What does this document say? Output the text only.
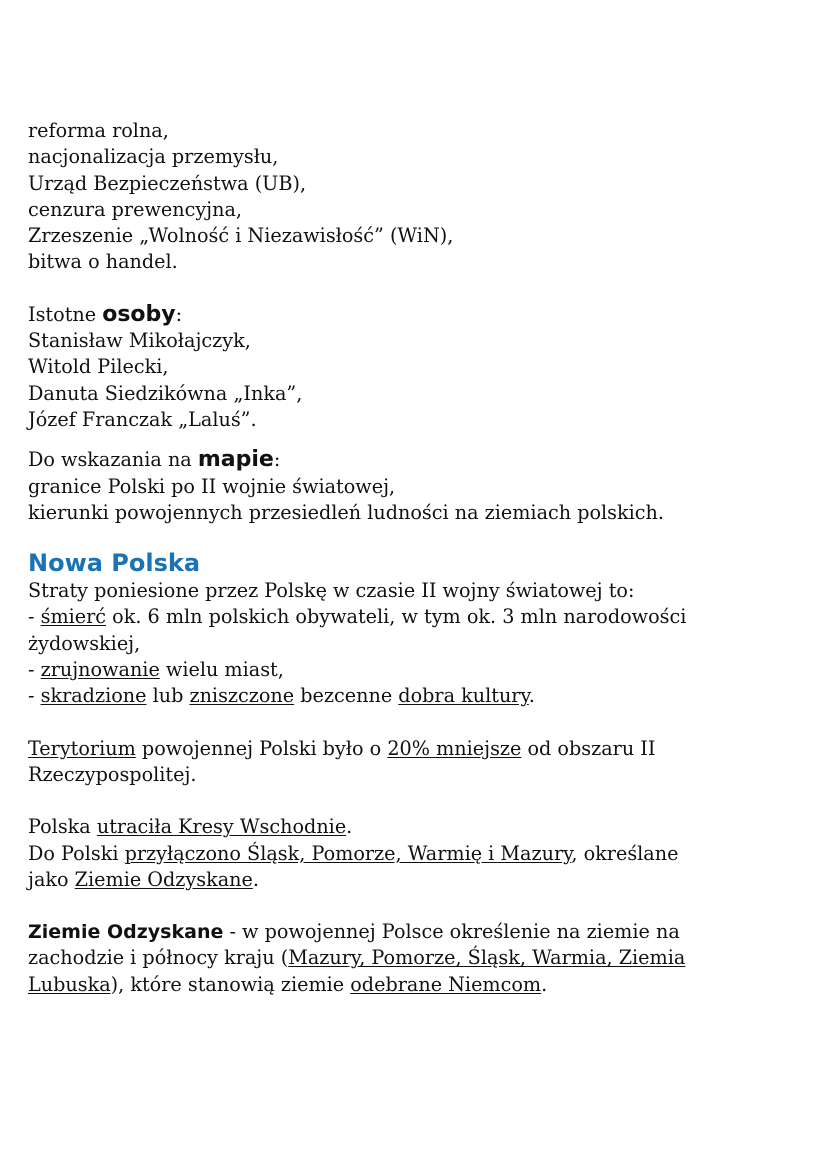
reforma rolna,
nacjonalizacja przemysłu,
Urząd Bezpieczeństwa (UB),
cenzura prewencyjna,
Zrzeszenie „Wolność i Niezawisłość” (WiN),
bitwa o handel.
Istotne osoby:
Stanisław Mikołajczyk,
Witold Pilecki,
Danuta Siedzikówna „Inka”,
Józef Franczak „Laluś”.
Do wskazania na mapie:
granice Polski po II wojnie światowej,
kierunki powojennych przesiedleń ludności na ziemiach polskich.
Nowa Polska
Straty poniesione przez Polskę w czasie II wojny światowej to:
- śmierć ok. 6 mln polskich obywateli, w tym ok. 3 mln narodowości
żydowskiej,
- zrujnowanie wielu miast,
- skradzione lub zniszczone bezcenne dobra kultury.
Terytorium powojennej Polski było o 20% mniejsze od obszaru II
Rzeczypospolitej.
Polska utraciła Kresy Wschodnie.
Do Polski przyłączono Śląsk, Pomorze, Warmię i Mazury, określane
jako Ziemie Odzyskane.
Ziemie Odzyskane - w powojennej Polsce określenie na ziemie na
zachodzie i północy kraju (Mazury, Pomorze, Śląsk, Warmia, Ziemia
Lubuska), które stanowią ziemie odebrane Niemcom.
